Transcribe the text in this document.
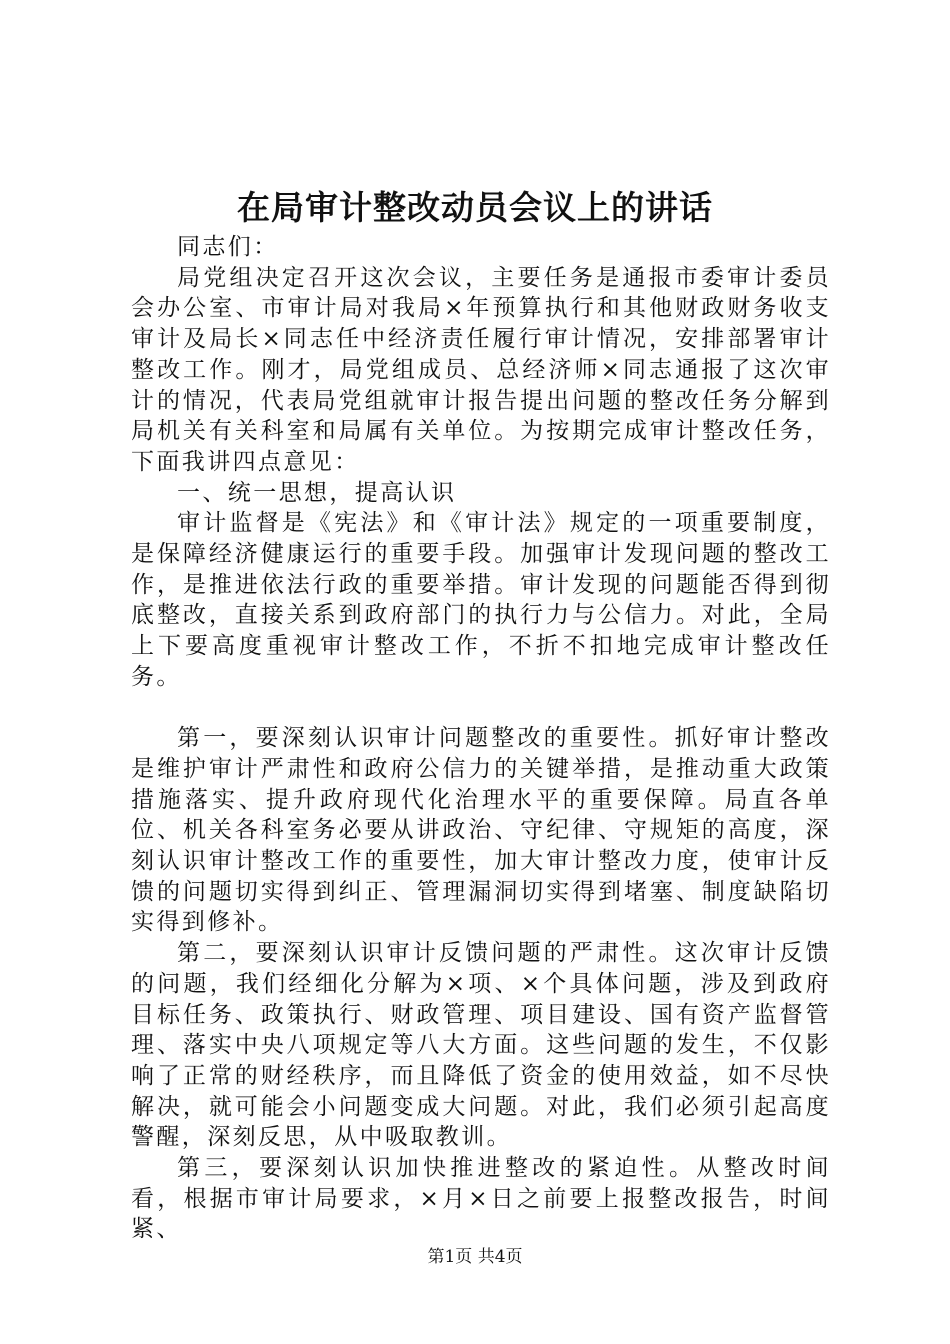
在局审计整改动员会议上的讲话

同志们：

局党组决定召开这次会议，主要任务是通报市委审计委员会办公室、市审计局对我局×年预算执行和其他财政财务收支审计及局长×同志任中经济责任履行审计情况，安排部署审计整改工作。刚才，局党组成员、总经济师×同志通报了这次审计的情况，代表局党组就审计报告提出问题的整改任务分解到局机关有关科室和局属有关单位。为按期完成审计整改任务，下面我讲四点意见：

一、统一思想，提高认识

审计监督是《宪法》和《审计法》规定的一项重要制度，是保障经济健康运行的重要手段。加强审计发现问题的整改工作，是推进依法行政的重要举措。审计发现的问题能否得到彻底整改，直接关系到政府部门的执行力与公信力。对此，全局上下要高度重视审计整改工作，不折不扣地完成审计整改任务。

第一，要深刻认识审计问题整改的重要性。抓好审计整改是维护审计严肃性和政府公信力的关键举措，是推动重大政策措施落实、提升政府现代化治理水平的重要保障。局直各单位、机关各科室务必要从讲政治、守纪律、守规矩的高度，深刻认识审计整改工作的重要性，加大审计整改力度，使审计反馈的问题切实得到纠正、管理漏洞切实得到堵塞、制度缺陷切实得到修补。

第二，要深刻认识审计反馈问题的严肃性。这次审计反馈的问题，我们经细化分解为×项、×个具体问题，涉及到政府目标任务、政策执行、财政管理、项目建设、国有资产监督管理、落实中央八项规定等八大方面。这些问题的发生，不仅影响了正常的财经秩序，而且降低了资金的使用效益，如不尽快解决，就可能会小问题变成大问题。对此，我们必须引起高度警醒，深刻反思，从中吸取教训。

第三，要深刻认识加快推进整改的紧迫性。从整改时间看，根据市审计局要求，×月×日之前要上报整改报告，时间紧、

第1页 共4页
